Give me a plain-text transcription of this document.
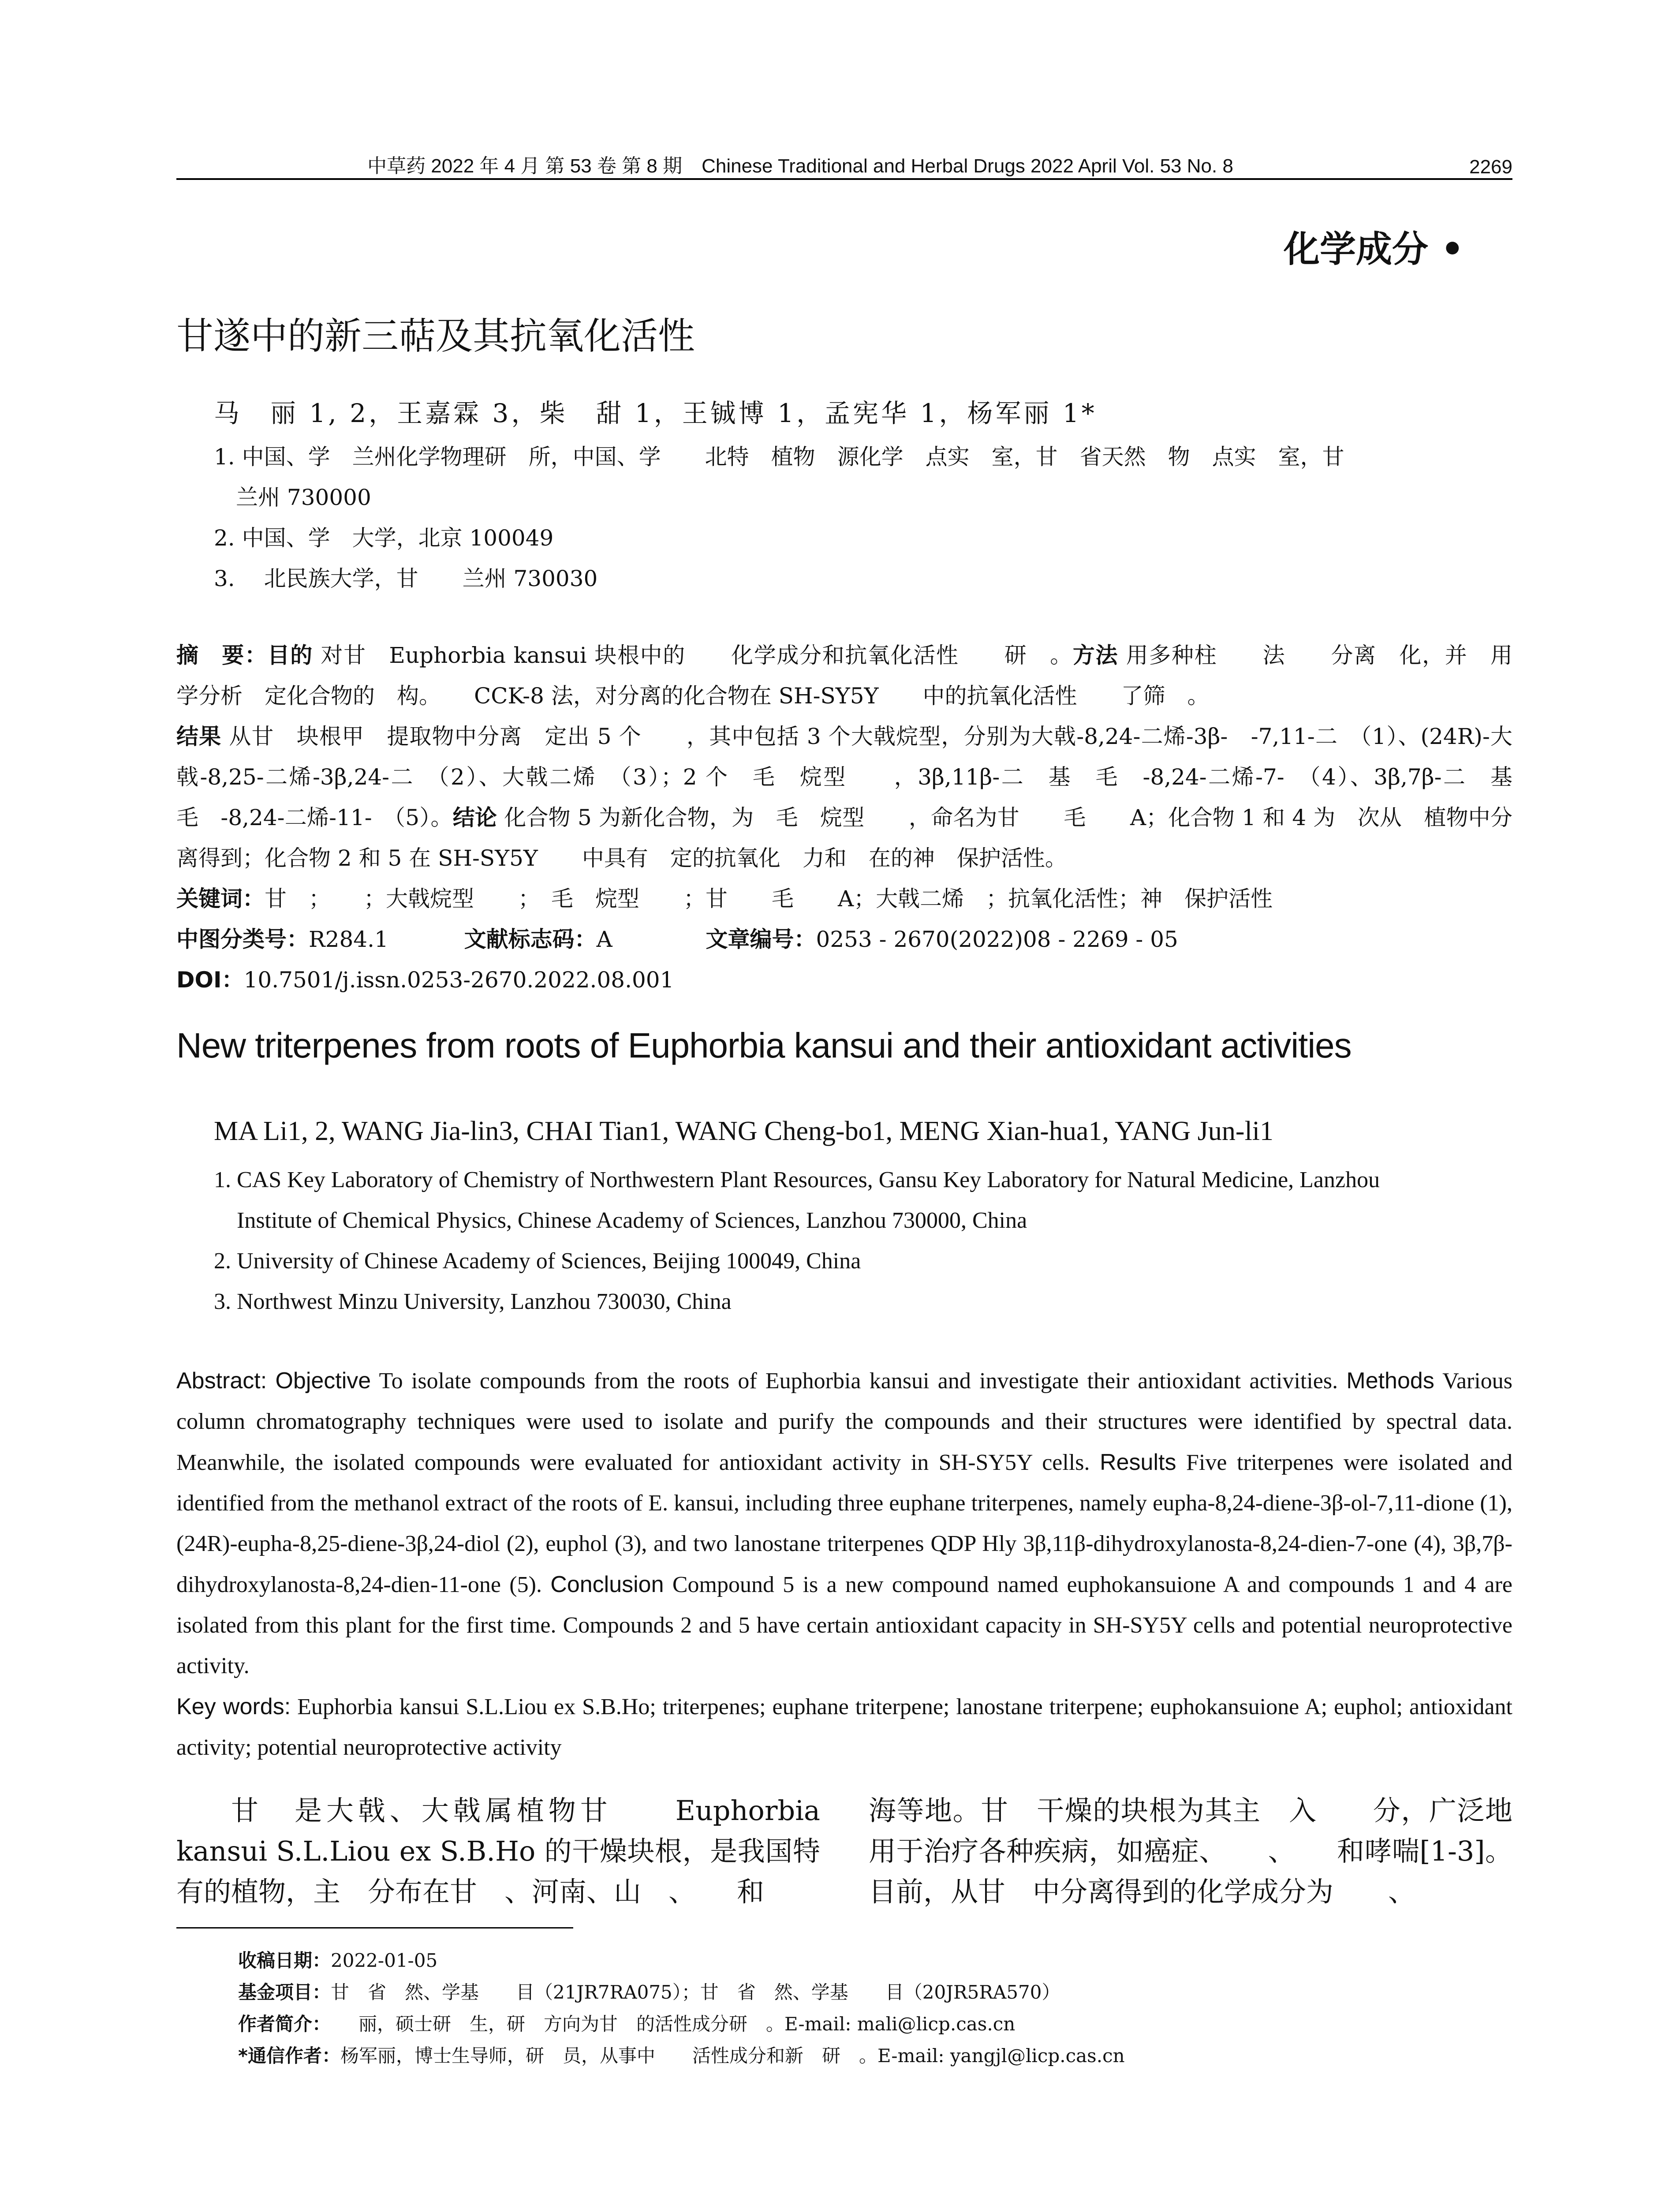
中草药 2022 年 4 月 第 53 卷 第 8 期　Chinese Traditional and Herbal Drugs 2022 April Vol. 53 No. 8	2269
化学成分 •
甘遂中的新三萜及其抗氧化活性
马　丽 1, 2，王嘉霖 3，柴　甜 1，王铖博 1，孟宪华 1，杨军丽 1*
1. 中国、学　兰州化学物理研　所，中国、学　　北特　植物　源化学　点实　室，甘　省天然　物　点实　室，甘
　兰州 730000
2. 中国、学　大学，北京 100049
3. 　北民族大学，甘　　兰州 730030
摘　要：目的 对甘　Euphorbia kansui 块根中的　　化学成分和抗氧化活性　　研　。方法 用多种柱　　法　　分离　化，并　用　学分析　定化合物的　构。　　CCK-8 法，对分离的化合物在 SH-SY5Y　　中的抗氧化活性　　了筛　。
结果 从甘　块根甲　提取物中分离　定出 5 个　　，其中包括 3 个大戟烷型，分别为大戟-8,24-二烯-3β-　-7,11-二　（1）、(24R)-大戟-8,25-二烯-3β,24-二　（2）、大戟二烯　（3）；2 个　毛　烷型　　，3β,11β-二　基　毛　-8,24-二烯-7-　（4）、3β,7β-二　基　毛　-8,24-二烯-11-　（5）。结论 化合物 5 为新化合物，为　毛　烷型　　，命名为甘　　毛　　A；化合物 1 和 4 为　次从　植物中分离得到；化合物 2 和 5 在 SH-SY5Y　　中具有　定的抗氧化　力和　在的神　保护活性。
关键词：甘　；　　；大戟烷型　　；　毛　烷型　　；甘　　毛　　A；大戟二烯　；抗氧化活性；神　保护活性
中图分类号：R284.1	文献标志码：A	文章编号：0253 - 2670(2022)08 - 2269 - 05
DOI：10.7501/j.issn.0253-2670.2022.08.001
New triterpenes from roots of Euphorbia kansui and their antioxidant activities
MA Li1, 2, WANG Jia-lin3, CHAI Tian1, WANG Cheng-bo1, MENG Xian-hua1, YANG Jun-li1
1. CAS Key Laboratory of Chemistry of Northwestern Plant Resources, Gansu Key Laboratory for Natural Medicine, Lanzhou
　Institute of Chemical Physics, Chinese Academy of Sciences, Lanzhou 730000, China
2. University of Chinese Academy of Sciences, Beijing 100049, China
3. Northwest Minzu University, Lanzhou 730030, China
Abstract: Objective To isolate compounds from the roots of Euphorbia kansui and investigate their antioxidant activities. Methods Various column chromatography techniques were used to isolate and purify the compounds and their structures were identified by spectral data. Meanwhile, the isolated compounds were evaluated for antioxidant activity in SH-SY5Y cells. Results Five triterpenes were isolated and identified from the methanol extract of the roots of E. kansui, including three euphane triterpenes, namely eupha-8,24-diene-3β-ol-7,11-dione (1), (24R)-eupha-8,25-diene-3β,24-diol (2), euphol (3), and two lanostane triterpenes QDP Hly 3β,11β-dihydroxylanosta-8,24-dien-7-one (4), 3β,7β-dihydroxylanosta-8,24-dien-11-one (5). Conclusion Compound 5 is a new compound named euphokansuione A and compounds 1 and 4 are isolated from this plant for the first time. Compounds 2 and 5 have certain antioxidant capacity in SH-SY5Y cells and potential neuroprotective activity.
Key words: Euphorbia kansui S.L.Liou ex S.B.Ho; triterpenes; euphane triterpene; lanostane triterpene; euphokansuione A; euphol; antioxidant activity; potential neuroprotective activity
甘　是大戟、大戟属植物甘　　Euphorbia kansui S.L.Liou ex S.B.Ho 的干燥块根，是我国特有的植物，主　分布在甘　、河南、山　、　　和
海等地。甘　干燥的块根为其主　入　　分，广泛地　用于治疗各种疾病，如癌症、　　、　　和哮喘[1-3]。目前，从甘　中分离得到的化学成分为　　、
收稿日期：2022-01-05
基金项目：甘　省　然、学基　　目（21JR7RA075）；甘　省　然、学基　　目（20JR5RA570）
作者简介：　　丽，硕士研　生，研　方向为甘　的活性成分研　。E-mail: mali@licp.cas.cn
*通信作者：杨军丽，博士生导师，研　员，从事中　　活性成分和新　研　。E-mail: yangjl@licp.cas.cn
